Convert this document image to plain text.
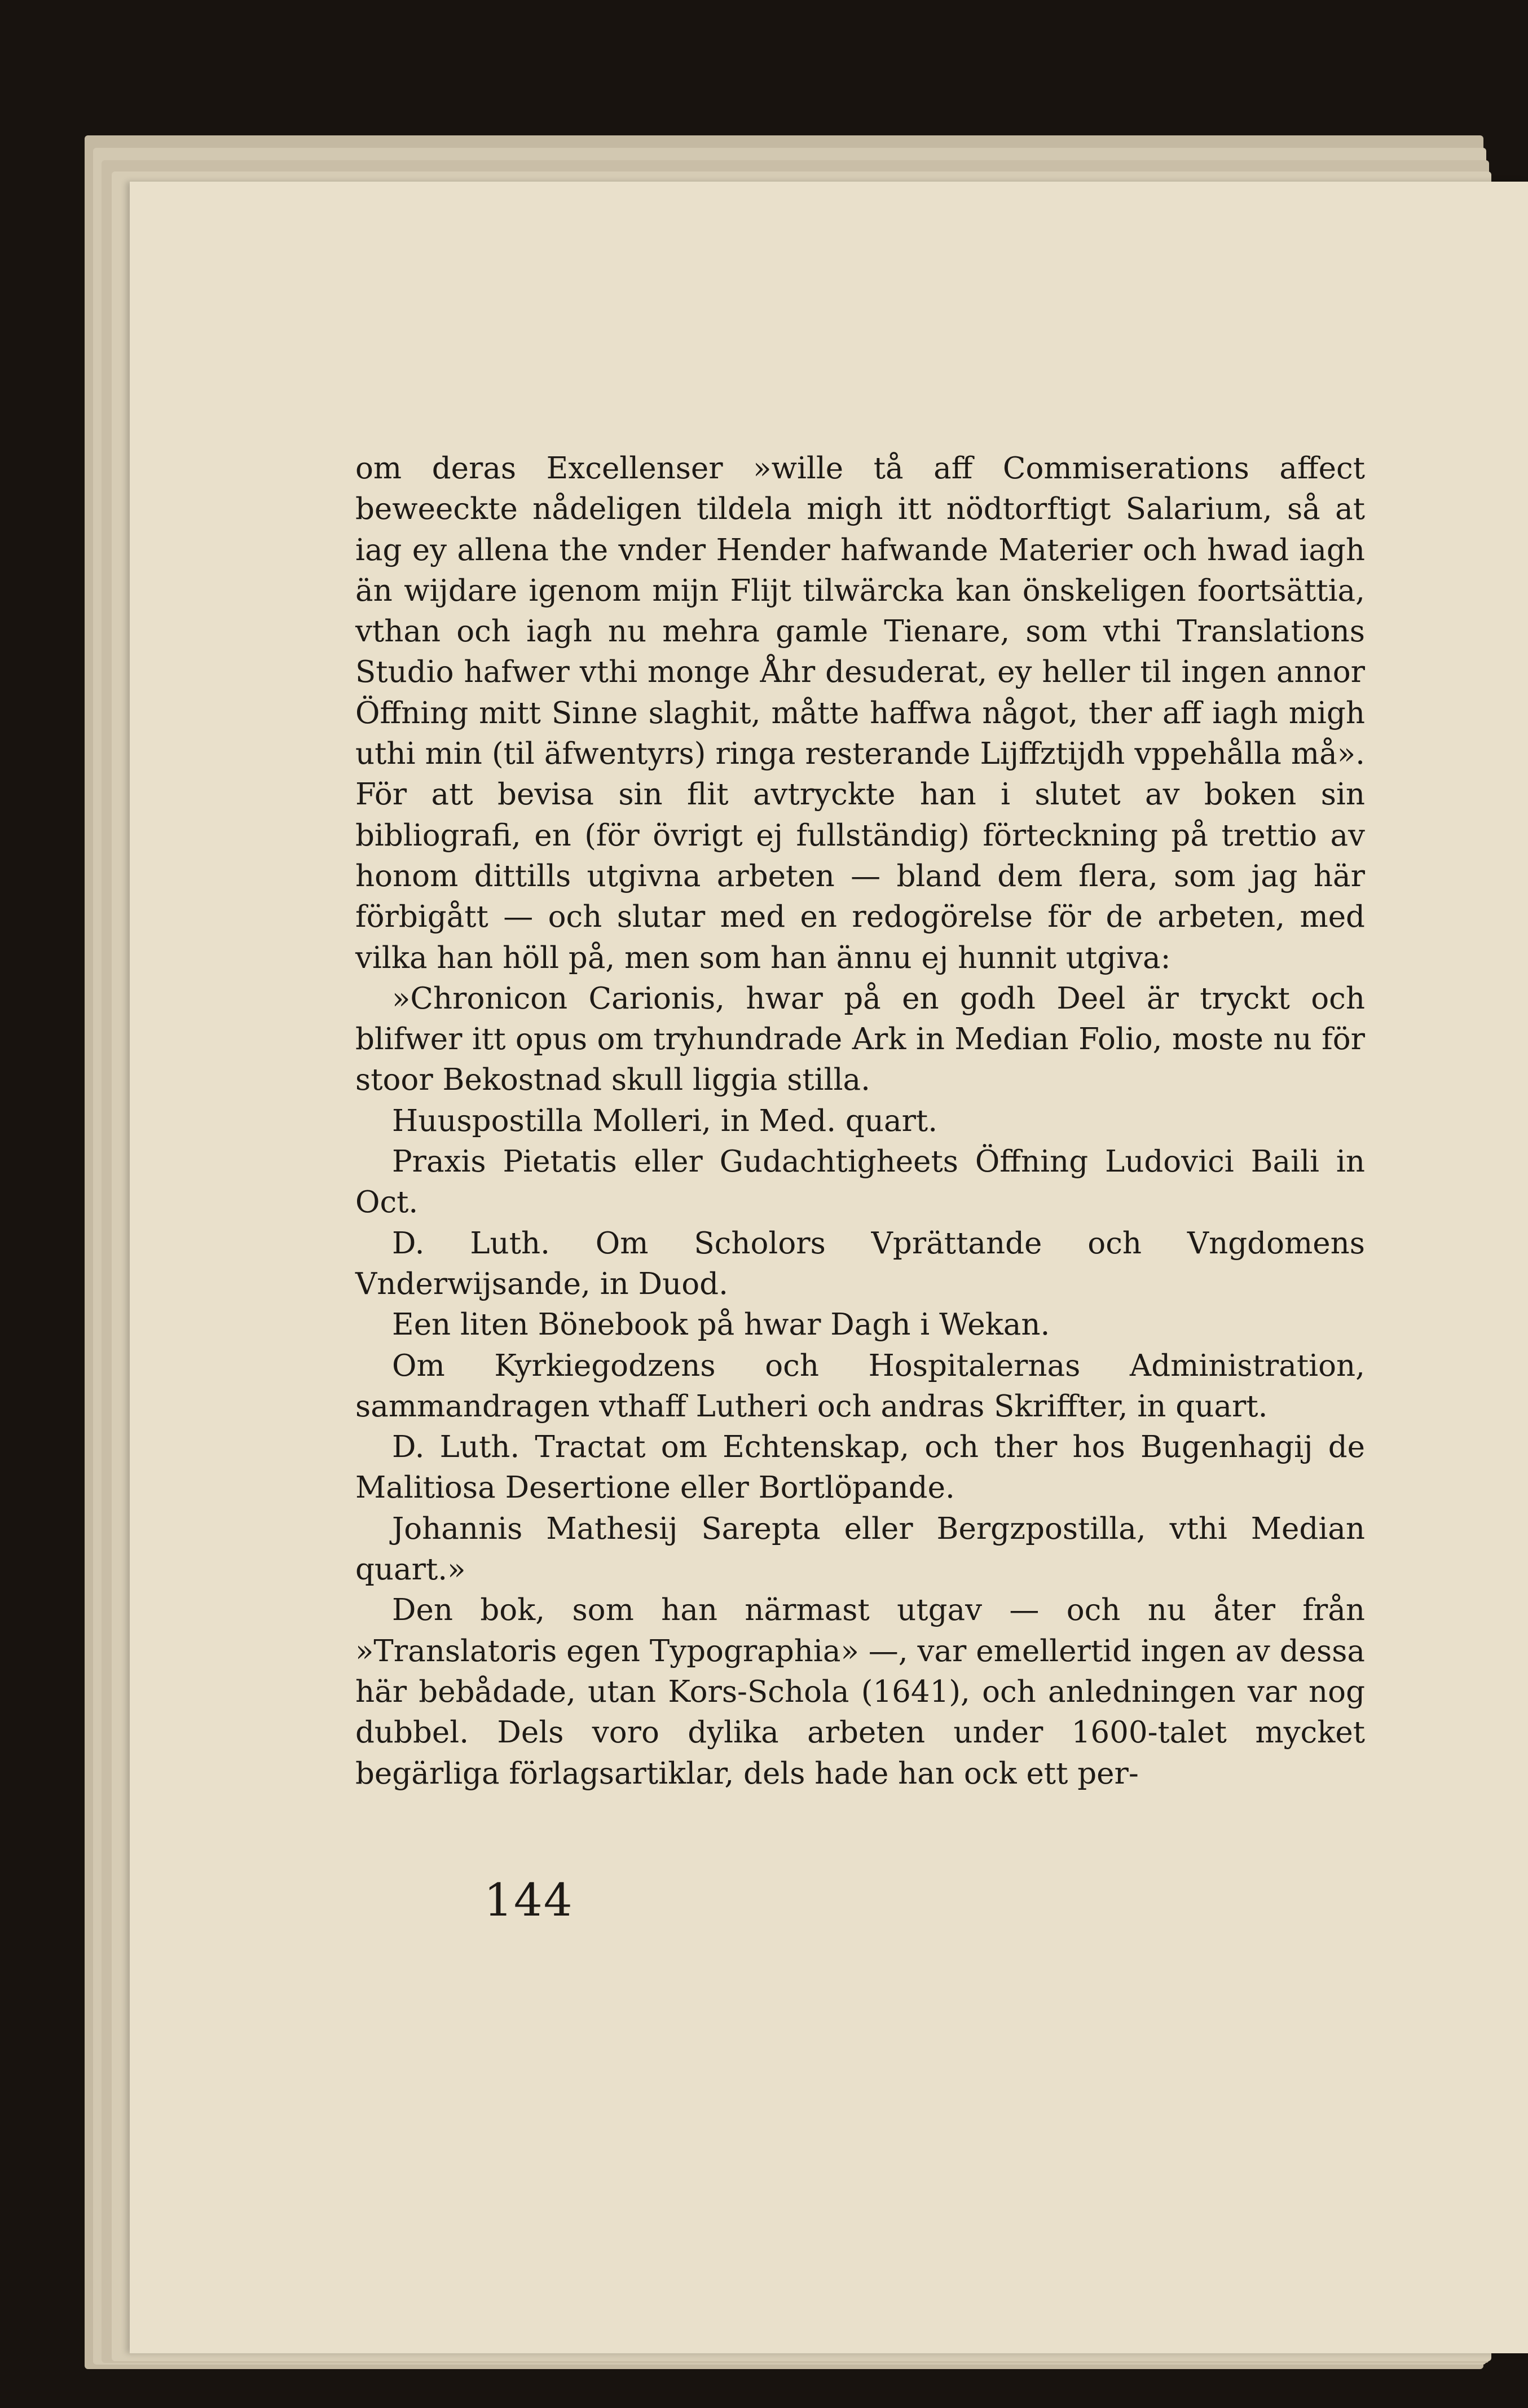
om deras Excellenser »wille tå aff Commiserations affect beweeckte nådeligen tildela migh itt nödtorftigt Salarium, så at iag ey allena the vnder Hender hafwande Materier och hwad iagh än wijdare igenom mijn Flijt tilwärcka kan önskeligen foortsättia, vthan och iagh nu mehra gamle Tienare, som vthi Translations Studio hafwer vthi monge Åhr desuderat, ey heller til ingen annor Öffning mitt Sinne slaghit, måtte haffwa något, ther aff iagh migh uthi min (til äfwentyrs) ringa resterande Lijffztijdh vppehålla må». För att bevisa sin flit avtryckte han i slutet av boken sin bibliografi, en (för övrigt ej fullständig) förteckning på trettio av honom dittills utgivna arbeten — bland dem flera, som jag här förbigått — och slutar med en redogörelse för de arbeten, med vilka han höll på, men som han ännu ej hunnit utgiva:

»Chronicon Carionis, hwar på en godh Deel är tryckt och blifwer itt opus om tryhundrade Ark in Median Folio, moste nu för stoor Bekostnad skull liggia stilla.

Huuspostilla Molleri, in Med. quart.

Praxis Pietatis eller Gudachtigheets Öffning Ludovici Baili in Oct.

D. Luth. Om Scholors Vprättande och Vngdomens Vnderwijsande, in Duod.

Een liten Bönebook på hwar Dagh i Wekan.

Om Kyrkiegodzens och Hospitalernas Administration, sammandragen vthaff Lutheri och andras Skriffter, in quart.

D. Luth. Tractat om Echtenskap, och ther hos Bugenhagij de Malitiosa Desertione eller Bortlöpande.

Johannis Mathesij Sarepta eller Bergzpostilla, vthi Median quart.»

Den bok, som han närmast utgav — och nu åter från »Translatoris egen Typographia» —, var emellertid ingen av dessa här bebådade, utan Kors-Schola (1641), och anledningen var nog dubbel. Dels voro dylika arbeten under 1600-talet mycket begärliga förlagsartiklar, dels hade han ock ett per-

144
